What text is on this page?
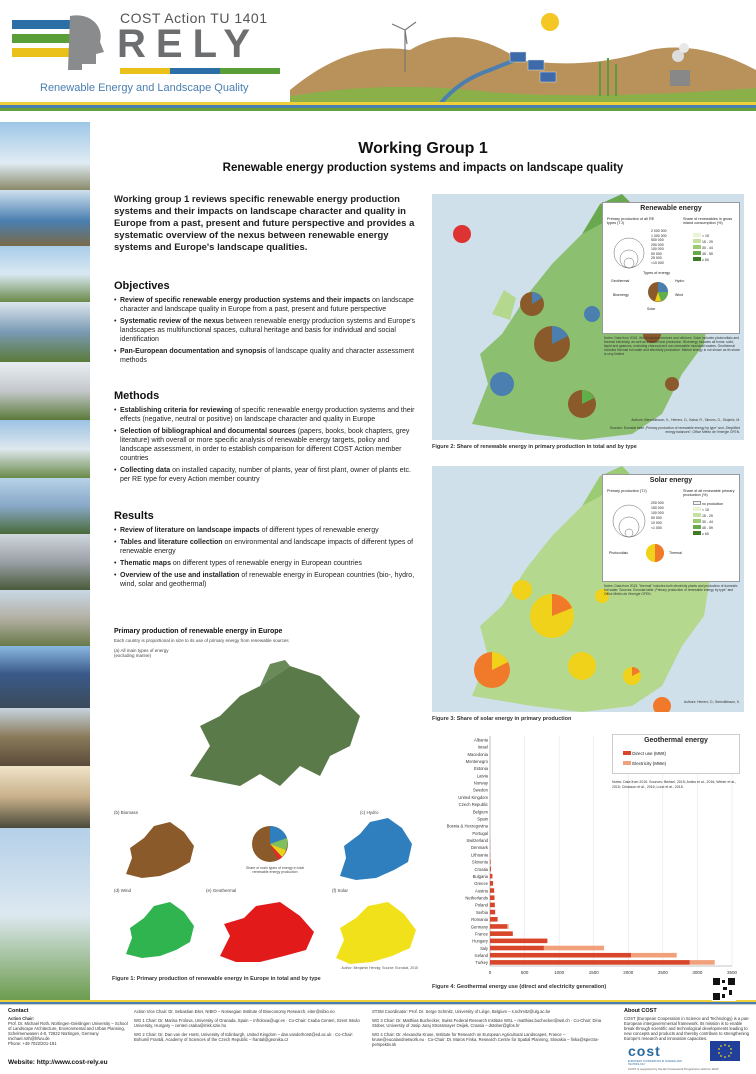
COST Action TU 1401
RELY
Renewable Energy and Landscape Quality
Working Group 1
Renewable energy production systems and impacts on landscape quality
Working group 1 reviews specific renewable energy production systems and their impacts on landscape character and quality in Europe from a past, present and future perspective and provides a systematic overview of the nexus between renewable energy systems and Europe's landscape qualities.
Objectives
• Review of specific renewable energy production systems and their impacts on landscape character and landscape quality in Europe from a past, present and future perspective
• Systematic review of the nexus between renewable energy production systems and Europe's landscapes as multifunctional spaces, cultural heritage and basis for individual and social identification
• Pan-European documentation and synopsis of landscape quality and character assessment methods
Methods
• Establishing criteria for reviewing of specific renewable energy production systems and their effects (negative, neutral or positive) on landscape character and quality in Europe
• Selection of bibliographical and documental sources (papers, books, book chapters, grey literature) with overall or more specific analysis of renewable energy targets, policy and landscape assessment, in order to establish comparison for different COST Action member countries
• Collecting data on installed capacity, number of plants, year of first plant, owner of plants etc. per RE type for every Action member country
Results
• Review of literature on landscape impacts of different types of renewable energy
• Tables and literature collection on environmental and landscape impacts of different types of renewable energy
• Thematic maps on different types of renewable energy in European countries
• Overview of the use and installation of renewable energy in European countries (bio-, hydro, wind, solar and geothermal)
Primary production of renewable energy in Europe
Each country is proportional in size to its use of primary energy from renewable sources
(a) All main types of energy (excluding marine)
(b) Biomass	(c) Hydro
Share of main types of energy in total renewable energy production
(d) Wind	(e) Geothermal	(f) Solar
Author: Benjamin Hennig; Source: Eurostat, 2015
Figure 1: Primary production of renewable energy in Europe in total and by type
Renewable energy
Primary production of all RE types (TJ)
Share of renewables in gross inland consumption (%)
2 000 000
1 000 000
500 000
250 000
100 000
50 000
25 000
<10 000
< 15
15 - 29
30 - 44
45 - 59
≥ 60
Types of energy
Geothermal	Hydro
Bioenergy
Solar
Wind
Notes: Data from 2015. Wind includes onshore and offshore. Solar includes photovoltaic and thermal electricity, as well as thermal heat production. Bioenergy includes all forms: solid, liquid and gaseous, excluding charcoal and non-renewable municipal wastes. Geothermal includes thermal hot water and electricity production. Marine energy is not shown as its share is very limited.
Authors: Benediktsson, K., Herrero, D., Kabai, R., Simons, G., Stupinić, M.
Sources: Eurostat table „Primary production of renewable energy by type" and „Simplified energy balances"; Office Météo de l'énergie OFEN.
Figure 2: Share of renewable energy in primary production in total and by type
Solar energy
Primary production (TJ)	Share of all renewable primary production (%)
200 000
150 000
100 000
50 000
10 000
<1 000
no production
< 15
15 - 29
30 - 44
45 - 59
≥ 60
Photovoltaic	Thermal
Notes: Data from 2015. "thermal" includes both electricity plants and production of domestic hot water. Sources: Eurostat table „Primary production of renewable energy by type" and Office Météo de l'énergie OFEN.
Authors: Herrero, D., Benediktsson, K.
Figure 3: Share of solar energy in primary production
0	500	1000	1500	2000	2500	3000	3500
Albania
Israel
Macedonia
Montenegro
Estonia
Latvia
Norway
Sweden
United Kingdom
Czech Republic
Belgium
Spain
Bosnia & Herzegovina
Portugal
Switzerland
Denmark
Lithuania
Slovenia
Croatia
Bulgaria
Greece
Austria
Netherlands
Poland
Serbia
Romania
Germany
France
Hungary
Italy
Iceland
Turkey
Geothermal energy
Direct use (MWt)
Electricity (MWe)
Notes: Data from 2015. Sources: Bertani, 2015; Antics et al., 2016; Weber et al., 2015; Chiasson et al., 2016; Lund et al., 2015.
Figure 4: Geothermal energy use (direct and electricity generation)
Contact
Action Chair:
Prof. Dr. Michael Roth, Nürtingen-Geislingen University – School of Landscape Architecture, Environmental and Urban Planning, Schelmenwasen 4-8, 72622 Nürtingen, Germany
michael.roth@hfwu.de
Phone: +49 7022/201-181
Website: http://www.cost-rely.eu
Action Vice Chair: Dr. Sebastian Eiter, NIBIO – Norwegian Institute of Bioeconomy Research, eiter@nibio.no
WG 1 Chair: Dr. Marina Frolova, University of Granada, Spain – mfrolova@ugr.es · Co-Chair: Csaba Centeri, Szent István University, Hungary – centeri.csaba@mkk.szie.hu
WG 2 Chair: Dr. Dan van der Horst, University of Edinburgh, United Kingdom – dan.vanderhorst@ed.ac.uk · Co-Chair: Bohumil Frantál, Academy of Sciences of the Czech Republic – frantal@geonika.cz
STSM Coordinator: Prof. Dr. Serge Schmitz, University of Liège, Belgium – s.schmitz@ulg.ac.be
WG 3 Chair: Dr. Matthias Buchecker, Swiss Federal Research Institute WSL – matthias.buchecker@wsl.ch · Co-Chair: Dina Stober, University of Josip Juraj Strossmayer Osijek, Croatia – dstober@gfos.hr
WG 4 Chair: Dr. Alexandra Kruse, Institute for Research on European Agricultural Landscapes, France – kruse@eucalandnetwork.eu · Co-Chair: Dr. Maros Finka, Research Centre for Spatial Planning, Slovakia – finka@spectra-perspektiv.sk
About COST
COST (European Cooperation in Science and Technology) is a pan-European intergovernmental framework. Its mission is to enable break-through scientific and technological developments leading to new concepts and products and thereby contribute to strengthening Europe's research and innovation capacities.
cost
EUROPEAN COOPERATION IN SCIENCE AND TECHNOLOGY
COST is supported by the EU Framework Programme Horizon 2020
